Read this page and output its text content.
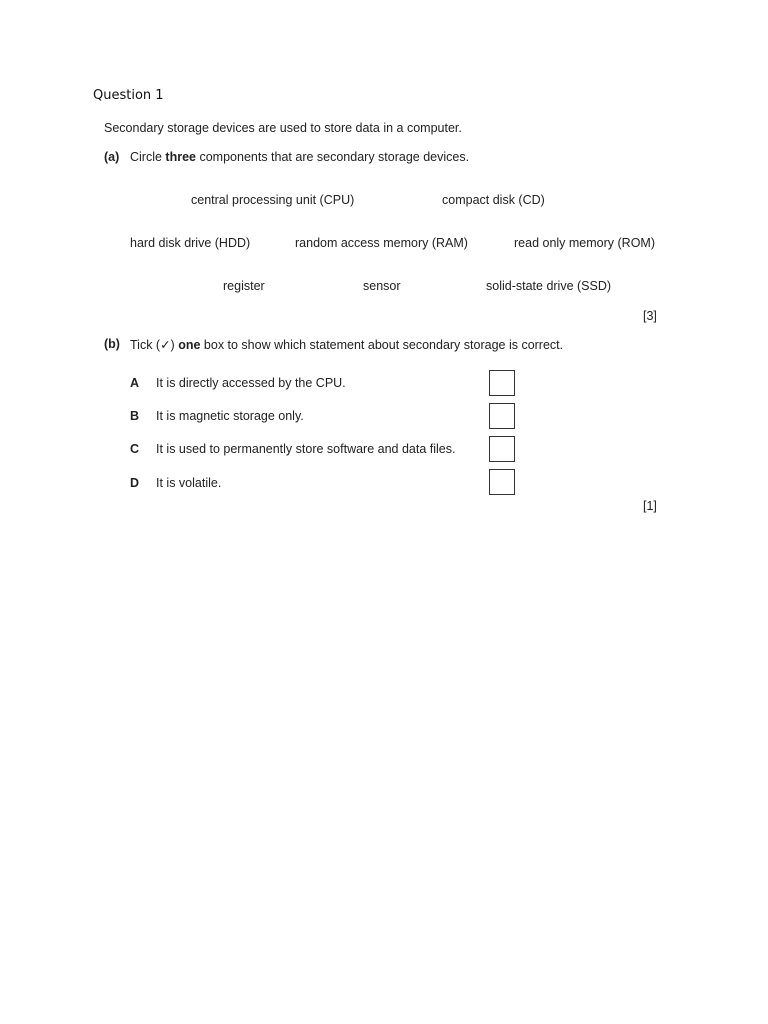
Question 1
Secondary storage devices are used to store data in a computer.
(a) Circle three components that are secondary storage devices.
central processing unit (CPU)	compact disk (CD)
hard disk drive (HDD)	random access memory (RAM)	read only memory (ROM)
register	sensor	solid-state drive (SSD)
[3]
(b) Tick (✓) one box to show which statement about secondary storage is correct.
A It is directly accessed by the CPU.
B It is magnetic storage only.
C It is used to permanently store software and data files.
D It is volatile.
[1]
